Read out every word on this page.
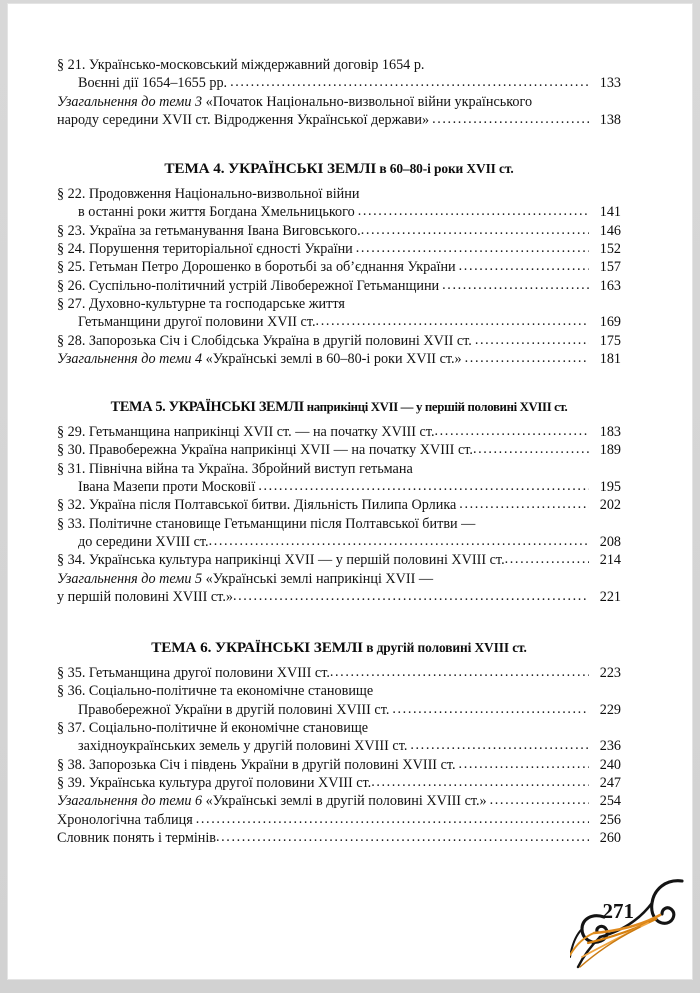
§ 21. Українсько-московський міждержавний договір 1654 р.
Воєнні дії 1654–1655 рр. .....	133
Узагальнення до теми 3 «Початок Національно-визвольної війни українського
народу середини XVII ст. Відродження Української держави» .....	138
ТЕМА 4. УКРАЇНСЬКІ ЗЕМЛІ в 60–80-і роки XVII ст.
§ 22. Продовження Національно-визвольної війни
в останні роки життя Богдана Хмельницького .....	141
§ 23. Україна за гетьманування Івана Виговського. .....	146
§ 24. Порушення територіальної єдності України .....	152
§ 25. Гетьман Петро Дорошенко в боротьбі за об’єднання України .....	157
§ 26. Суспільно-політичний устрій Лівобережної Гетьманщини .....	163
§ 27. Духовно-культурне та господарське життя
Гетьманщини другої половини XVII ст. .....	169
§ 28. Запорозька Січ і Слобідська Україна в другій половині XVII ст. .....	175
Узагальнення до теми 4 «Українські землі в 60–80-і роки XVII ст.» .....	181
ТЕМА 5. УКРАЇНСЬКІ ЗЕМЛІ наприкінці XVII — у першій половині XVIII ст.
§ 29. Гетьманщина наприкінці XVII ст. — на початку XVIII ст. .....	183
§ 30. Правобережна Україна наприкінці XVII — на початку XVIII ст. .....	189
§ 31. Північна війна та Україна. Збройний виступ гетьмана
Івана Мазепи проти Московії .....	195
§ 32. Україна після Полтавської битви. Діяльність Пилипа Орлика .....	202
§ 33. Політичне становище Гетьманщини після Полтавської битви —
до середини XVIII ст. .....	208
§ 34. Українська культура наприкінці XVII — у першій половині XVIII ст. .....	214
Узагальнення до теми 5 «Українські землі наприкінці XVII —
у першій половині XVIII ст.» .....	221
ТЕМА 6. УКРАЇНСЬКІ ЗЕМЛІ в другій половині XVIII ст.
§ 35. Гетьманщина другої половини XVIII ст. .....	223
§ 36. Соціально-політичне та економічне становище
Правобережної України в другій половині XVIII ст. .....	229
§ 37. Соціально-політичне й економічне становище
західноукраїнських земель у другій половині XVIII ст. .....	236
§ 38. Запорозька Січ і південь України в другій половині XVIII ст. .....	240
§ 39. Українська культура другої половини XVIII ст. .....	247
Узагальнення до теми 6 «Українські землі в другій половині XVIII ст.» .....	254
Хронологічна таблиця .....	256
Словник понять і термінів .....	260
271
